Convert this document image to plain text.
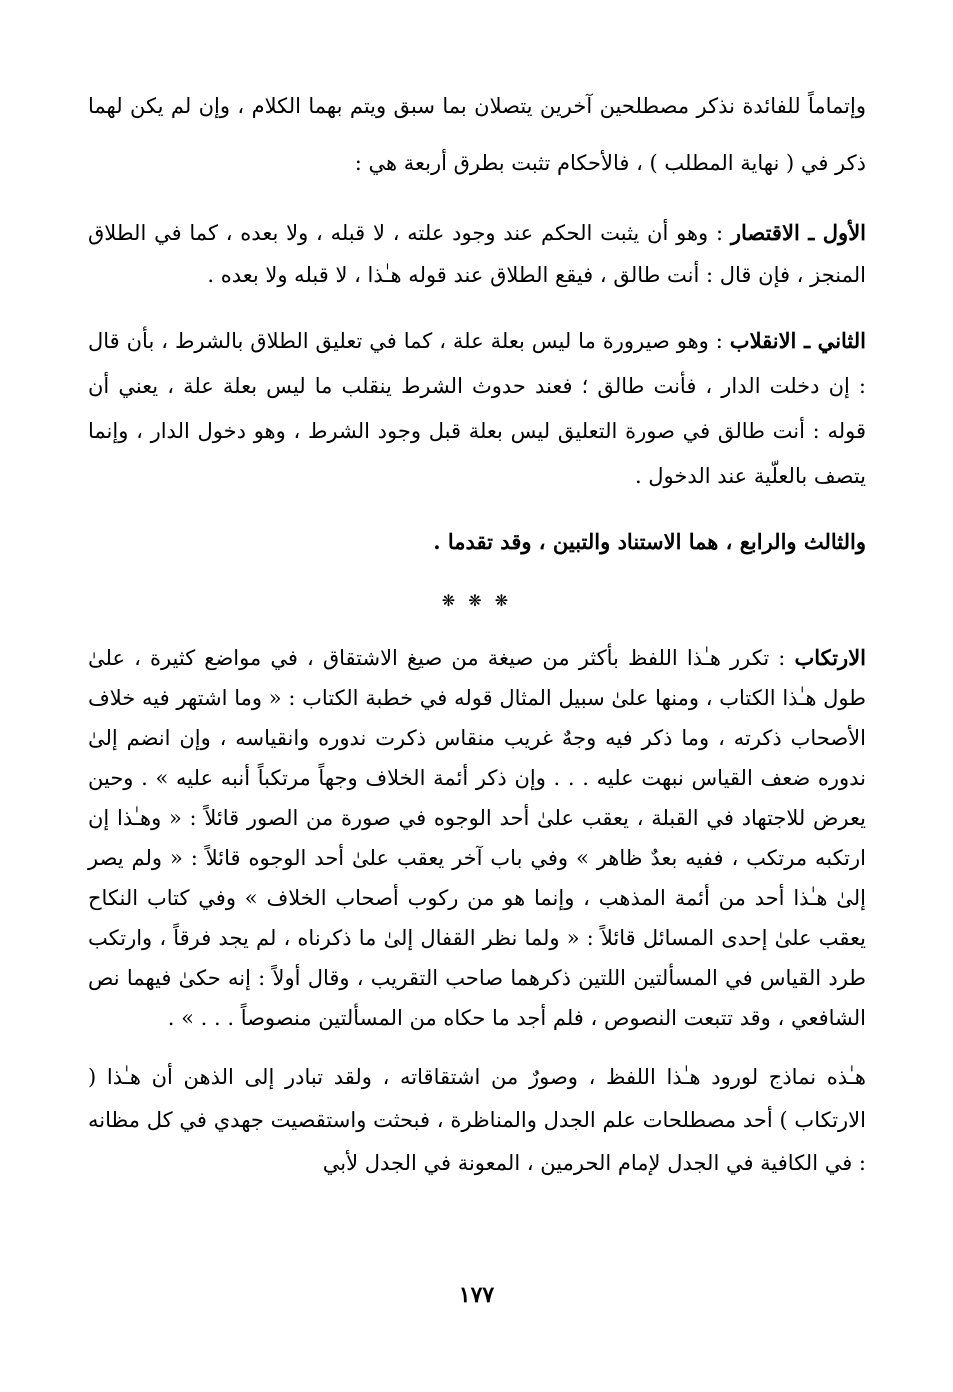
وإتماماً للفائدة نذكر مصطلحين آخرين يتصلان بما سبق ويتم بهما الكلام ، وإن لم يكن لهما ذكر في ( نهاية المطلب ) ، فالأحكام تثبت بطرق أربعة هي :

الأول ـ الاقتصار : وهو أن يثبت الحكم عند وجود علته ، لا قبله ، ولا بعده ، كما في الطلاق المنجز ، فإن قال : أنت طالق ، فيقع الطلاق عند قوله هـٰذا ، لا قبله ولا بعده .

الثاني ـ الانقلاب : وهو صيرورة ما ليس بعلة علة ، كما في تعليق الطلاق بالشرط ، بأن قال : إن دخلت الدار ، فأنت طالق ؛ فعند حدوث الشرط ينقلب ما ليس بعلة علة ، يعني أن قوله : أنت طالق في صورة التعليق ليس بعلة قبل وجود الشرط ، وهو دخول الدار ، وإنما يتصف بالعلّية عند الدخول .

والثالث والرابع ، هما الاستناد والتبين ، وقد تقدما .

❋ ❋ ❋

الارتكاب : تكرر هـٰذا اللفظ بأكثر من صيغة من صيغ الاشتقاق ، في مواضع كثيرة ، علىٰ طول هـٰذا الكتاب ، ومنها علىٰ سبيل المثال قوله في خطبة الكتاب : « وما اشتهر فيه خلاف الأصحاب ذكرته ، وما ذكر فيه وجهٌ غريب منقاس ذكرت ندوره وانقياسه ، وإن انضم إلىٰ ندوره ضعف القياس نبهت عليه . . . وإن ذكر أئمة الخلاف وجهاً مرتكباً أنبه عليه » . وحين يعرض للاجتهاد في القبلة ، يعقب علىٰ أحد الوجوه في صورة من الصور قائلاً : « وهـٰذا إن ارتكبه مرتكب ، ففيه بعدٌ ظاهر » وفي باب آخر يعقب علىٰ أحد الوجوه قائلاً : « ولم يصر إلىٰ هـٰذا أحد من أئمة المذهب ، وإنما هو من ركوب أصحاب الخلاف » وفي كتاب النكاح يعقب علىٰ إحدى المسائل قائلاً : « ولما نظر القفال إلىٰ ما ذكرناه ، لم يجد فرقاً ، وارتكب طرد القياس في المسألتين اللتين ذكرهما صاحب التقريب ، وقال أولاً : إنه حكىٰ فيهما نص الشافعي ، وقد تتبعت النصوص ، فلم أجد ما حكاه من المسألتين منصوصاً . . . » .

هـٰذه نماذج لورود هـٰذا اللفظ ، وصورٌ من اشتقاقاته ، ولقد تبادر إلى الذهن أن هـٰذا ( الارتكاب ) أحد مصطلحات علم الجدل والمناظرة ، فبحثت واستقصيت جهدي في كل مظانه : في الكافية في الجدل لإمام الحرمين ، المعونة في الجدل لأبي

١٧٧
